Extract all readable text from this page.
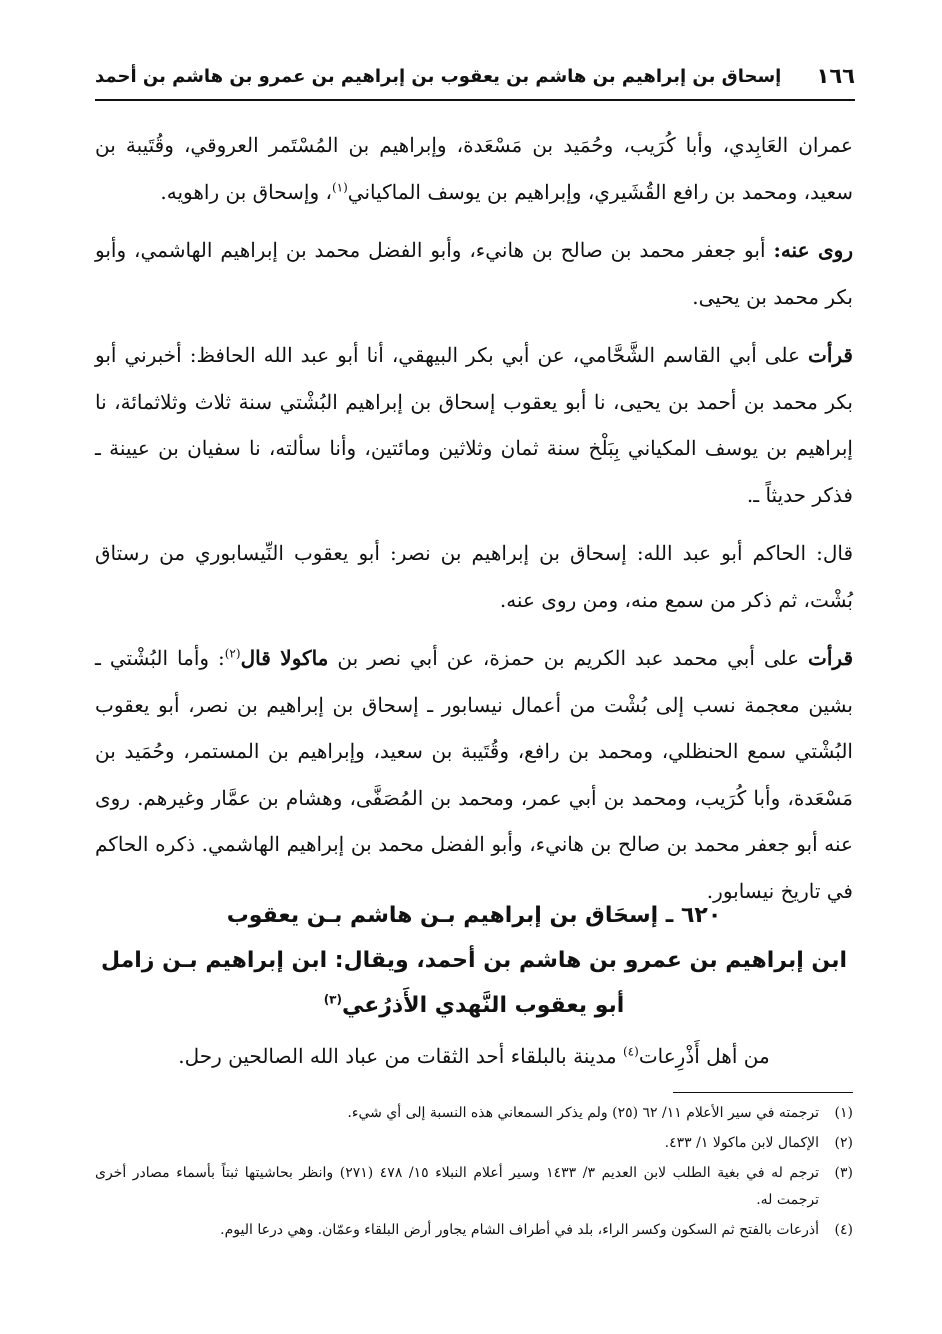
١٦٦
إسحاق بن إبراهيم بن هاشم بن يعقوب بن إبراهيم بن عمرو بن هاشم بن أحمد

عمران العَابِدي، وأبا كُرَيب، وحُمَيد بن مَسْعَدة، وإبراهيم بن المُسْتَمر العروقي، وقُتَيبة بن سعيد، ومحمد بن رافع القُشَيري، وإبراهيم بن يوسف الماكياني$^{(١)}$، وإسحاق بن راهويه.

روى عنه: أبو جعفر محمد بن صالح بن هانيء، وأبو الفضل محمد بن إبراهيم الهاشمي، وأبو بكر محمد بن يحيى.

قرأت على أبي القاسم الشَّحَّامي، عن أبي بكر البيهقي، أنا أبو عبد الله الحافظ: أخبرني أبو بكر محمد بن أحمد بن يحيى، نا أبو يعقوب إسحاق بن إبراهيم البُشْتي سنة ثلاث وثلاثمائة، نا إبراهيم بن يوسف المكياني بِبَلْخ سنة ثمان وثلاثين ومائتين، وأنا سألته، نا سفيان بن عيينة ـ فذكر حديثاً ـ.

قال: الحاكم أبو عبد الله: إسحاق بن إبراهيم بن نصر: أبو يعقوب النِّيسابوري من رستاق بُشْت، ثم ذكر من سمع منه، ومن روى عنه.

قرأت على أبي محمد عبد الكريم بن حمزة، عن أبي نصر بن ماكولا قال$^{(٢)}$: وأما البُشْتي ـ بشين معجمة نسب إلى بُشْت من أعمال نيسابور ـ إسحاق بن إبراهيم بن نصر، أبو يعقوب البُشْتي سمع الحنظلي، ومحمد بن رافع، وقُتَيبة بن سعيد، وإبراهيم بن المستمر، وحُمَيد بن مَسْعَدة، وأبا كُرَيب، ومحمد بن أبي عمر، ومحمد بن المُصَفَّى، وهشام بن عمَّار وغيرهم. روى عنه أبو جعفر محمد بن صالح بن هانيء، وأبو الفضل محمد بن إبراهيم الهاشمي. ذكره الحاكم في تاريخ نيسابور.

٦٢٠ ـ إسحَاق بن إبراهيم بـن هاشم بـن يعقوب
ابن إبراهيم بن عمرو بن هاشم بن أحمد، ويقال: ابن إبراهيم بـن زامل
أبو يعقوب النَّهدي الأَذرُعي$^{(٣)}$
من أهل أَذْرِعات$^{(٤)}$ مدينة بالبلقاء أحد الثقات من عباد الله الصالحين رحل.
(١)
ترجمته في سير الأعلام ١١/ ٦٢ (٢٥) ولم يذكر السمعاني هذه النسبة إلى أي شيء.
(٢)
الإكمال لابن ماكولا ١/ ٤٣٣.
(٣)
ترجم له في بغية الطلب لابن العديم ٣/ ١٤٣٣ وسير أعلام النبلاء ١٥/ ٤٧٨ (٢٧١) وانظر بحاشيتها ثبتاً بأسماء مصادر أخرى ترجمت له.
(٤)
أذرعات بالفتح ثم السكون وكسر الراء، بلد في أطراف الشام يجاور أرض البلقاء وعمّان. وهي درعا اليوم.
